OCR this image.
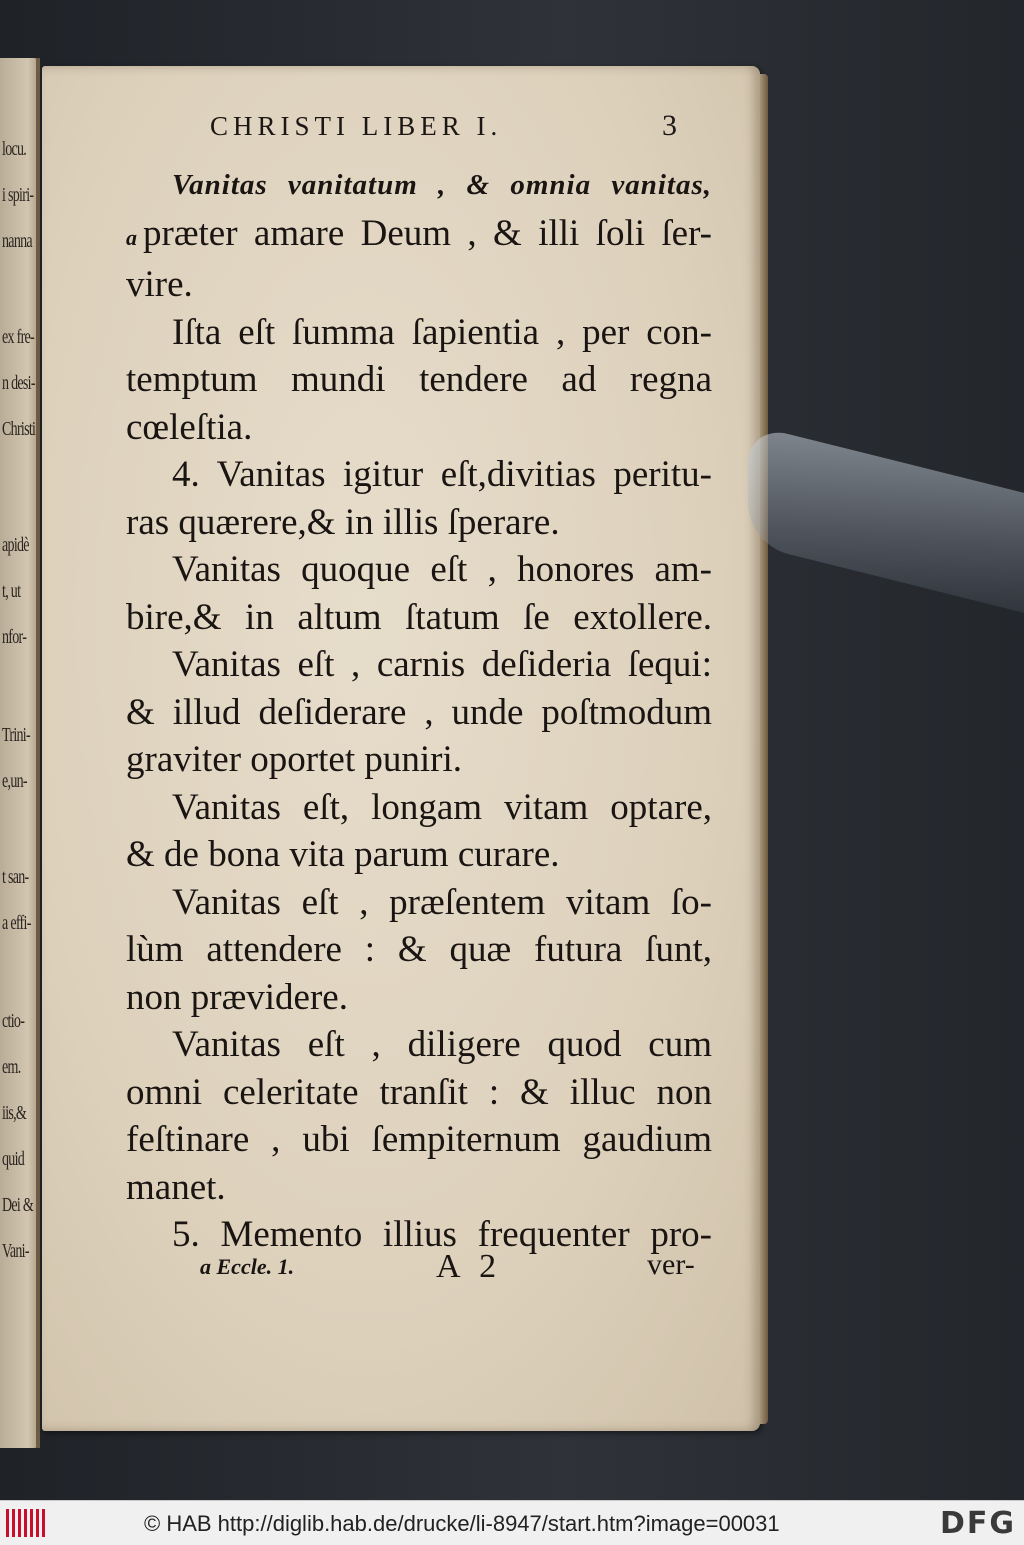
locu.
i spiri-
nanna
ex fre-
n desi-
Christi
apidè
t, ut
nfor-
Trini-
e,un-
t san-
a effi-
ctio-
em.
iis,&
quid
Dei &
Vani-
CHRISTI LIBER I.	3
Vanitas vanitatum , & omnia vanitas,
a præter amare Deum , & illi ſoli ſer-
vire.
Iſta eſt ſumma ſapientia , per con-
temptum mundi tendere ad regna
cœleſtia.
4. Vanitas igitur eſt,divitias peritu-
ras quærere,& in illis ſperare.
Vanitas quoque eſt , honores am-
bire,& in altum ſtatum ſe extollere.
Vanitas eſt , carnis deſideria ſequi:
& illud deſiderare , unde poſtmodum
graviter oportet puniri.
Vanitas eſt, longam vitam optare,
& de bona vita parum curare.
Vanitas eſt , præſentem vitam ſo-
lùm attendere : & quæ futura ſunt,
non prævidere.
Vanitas eſt , diligere quod cum
omni celeritate tranſit : & illuc non
feſtinare , ubi ſempiternum gaudium
manet.
5. Memento illius frequenter pro-
a Eccle. 1.	A 2	ver-
© HAB http://diglib.hab.de/drucke/li-8947/start.htm?image=00031	DFG
